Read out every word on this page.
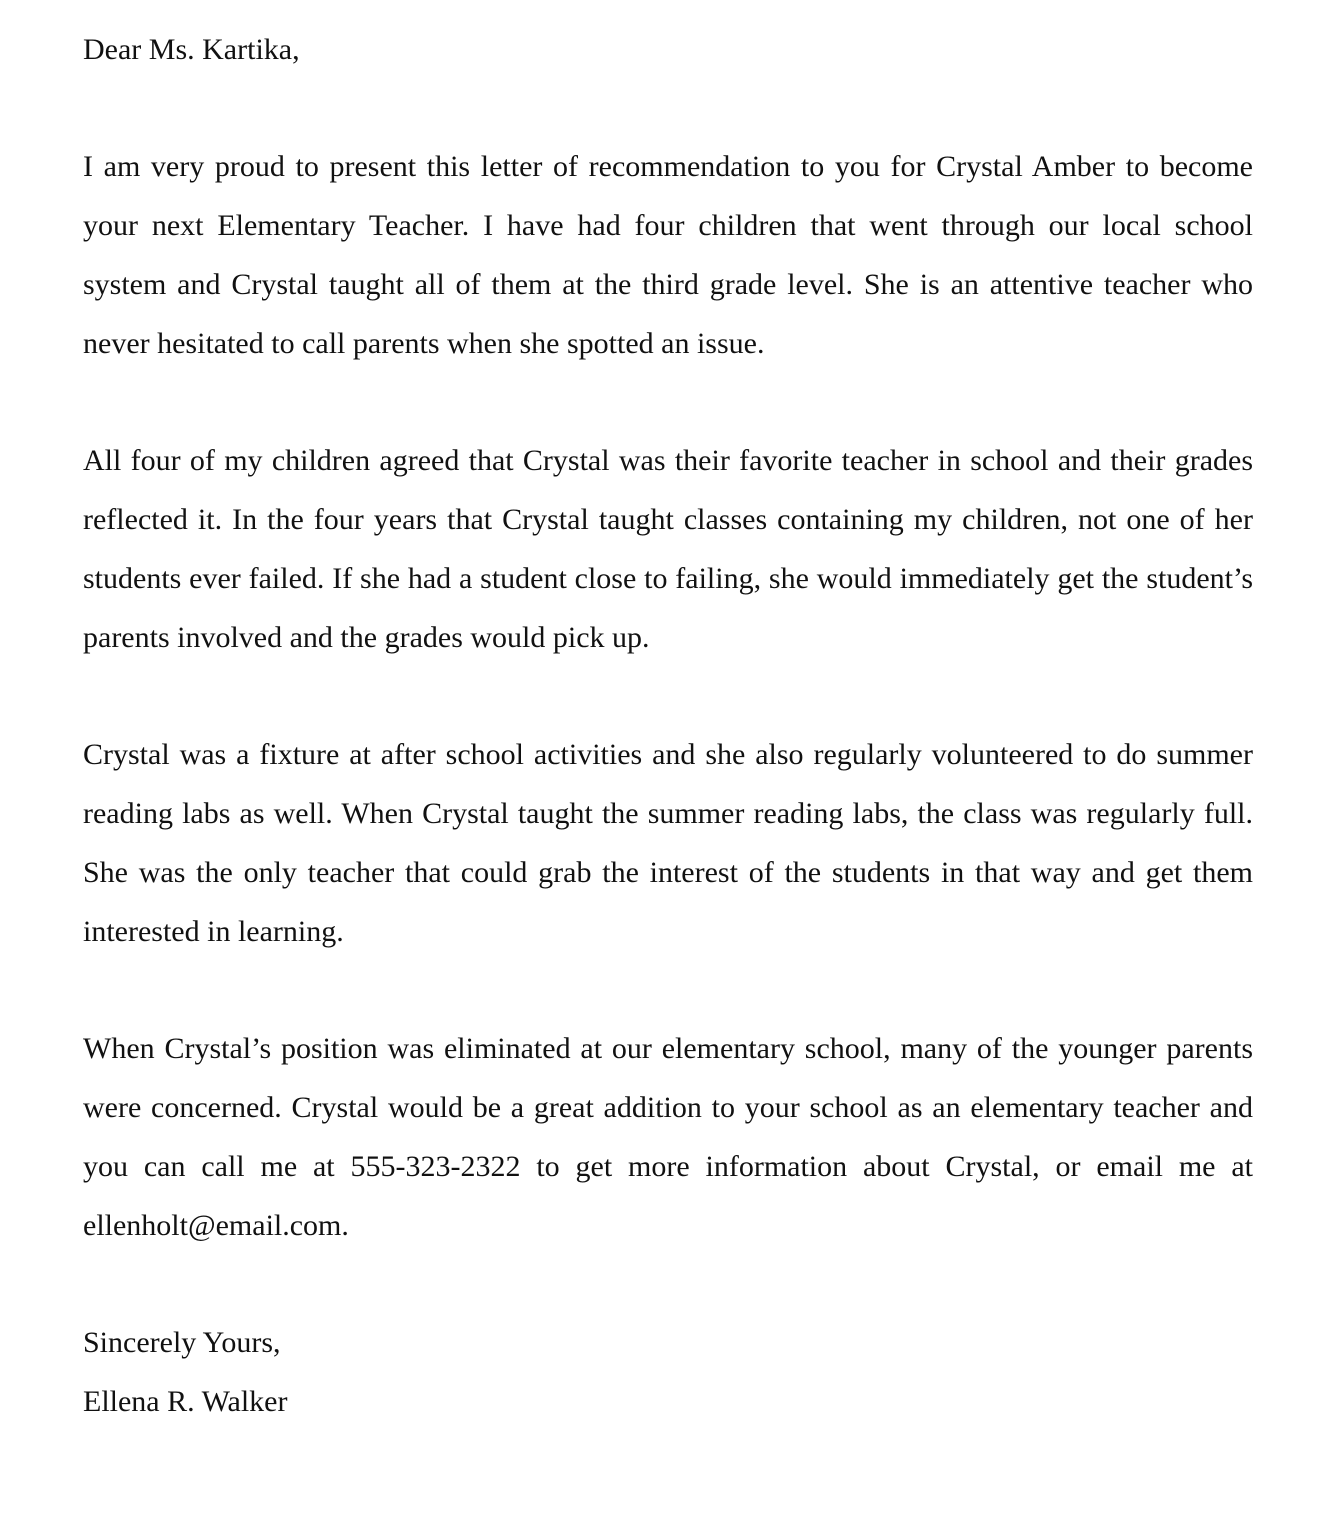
Dear Ms. Kartika,

I am very proud to present this letter of recommendation to you for Crystal Amber to become your next Elementary Teacher. I have had four children that went through our local school system and Crystal taught all of them at the third grade level. She is an attentive teacher who never hesitated to call parents when she spotted an issue.

All four of my children agreed that Crystal was their favorite teacher in school and their grades reflected it. In the four years that Crystal taught classes containing my children, not one of her students ever failed. If she had a student close to failing, she would immediately get the student’s parents involved and the grades would pick up.

Crystal was a fixture at after school activities and she also regularly volunteered to do summer reading labs as well. When Crystal taught the summer reading labs, the class was regularly full. She was the only teacher that could grab the interest of the students in that way and get them interested in learning.

When Crystal’s position was eliminated at our elementary school, many of the younger parents were concerned. Crystal would be a great addition to your school as an elementary teacher and you can call me at 555-323-2322 to get more information about Crystal, or email me at ellenholt@email.com.

Sincerely Yours,

Ellena R. Walker
